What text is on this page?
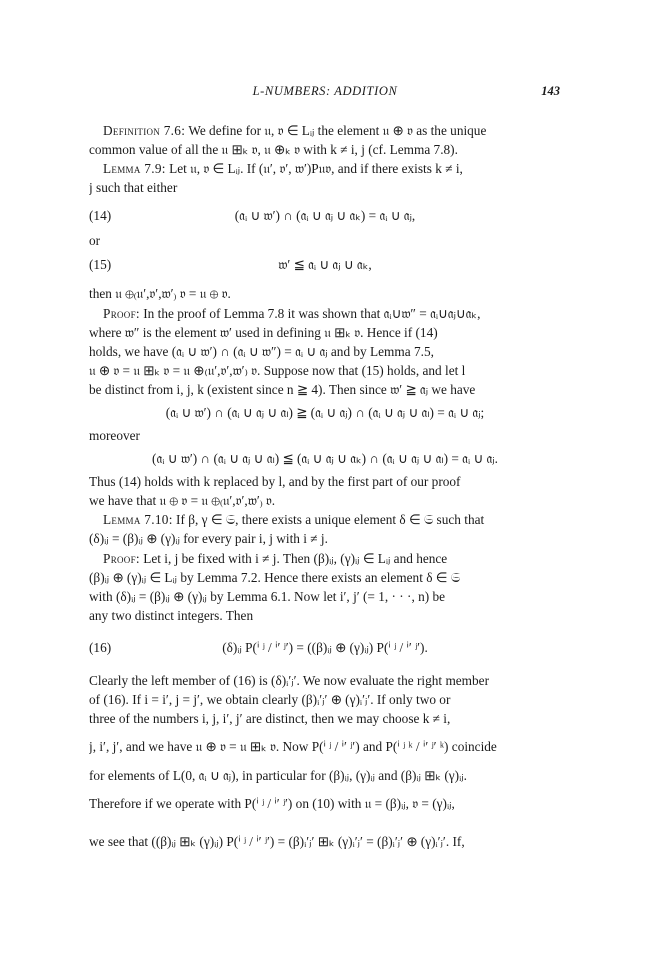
L-NUMBERS: ADDITION	143
Definition 7.6: We define for 𝔲, 𝔳 ∈ Lᵢⱼ the element 𝔲 ⊕ 𝔳 as the unique
common value of all the 𝔲 ⊞ₖ 𝔳, 𝔲 ⊕ₖ 𝔳 with k ≠ i, j (cf. Lemma 7.8).
Lemma 7.9: Let 𝔲, 𝔳 ∈ Lᵢⱼ. If (𝔲′, 𝔳′, 𝔴′)P𝔲𝔳, and if there exists k ≠ i,
j such that either
(14)	(𝔞ᵢ ∪ 𝔴′) ∩ (𝔞ᵢ ∪ 𝔞ⱼ ∪ 𝔞ₖ) = 𝔞ᵢ ∪ 𝔞ⱼ,
or
(15)	𝔴′ ≦ 𝔞ᵢ ∪ 𝔞ⱼ ∪ 𝔞ₖ,
then 𝔲 ⊕₍𝔲′,𝔳′,𝔴′₎ 𝔳 = 𝔲 ⊕ 𝔳.
Proof: In the proof of Lemma 7.8 it was shown that 𝔞ᵢ∪𝔴″ = 𝔞ᵢ∪𝔞ⱼ∪𝔞ₖ,
where 𝔴″ is the element 𝔴′ used in defining 𝔲 ⊞ₖ 𝔳. Hence if (14)
holds, we have (𝔞ᵢ ∪ 𝔴′) ∩ (𝔞ᵢ ∪ 𝔴″) = 𝔞ᵢ ∪ 𝔞ⱼ and by Lemma 7.5,
𝔲 ⊕ 𝔳 = 𝔲 ⊞ₖ 𝔳 = 𝔲 ⊕₍𝔲′,𝔳′,𝔴′₎ 𝔳. Suppose now that (15) holds, and let l
be distinct from i, j, k (existent since n ≧ 4). Then since 𝔴′ ≧ 𝔞ⱼ we have
(𝔞ᵢ ∪ 𝔴′) ∩ (𝔞ᵢ ∪ 𝔞ⱼ ∪ 𝔞ₗ) ≧ (𝔞ᵢ ∪ 𝔞ⱼ) ∩ (𝔞ᵢ ∪ 𝔞ⱼ ∪ 𝔞ₗ) = 𝔞ᵢ ∪ 𝔞ⱼ;
moreover
(𝔞ᵢ ∪ 𝔴′) ∩ (𝔞ᵢ ∪ 𝔞ⱼ ∪ 𝔞ₗ) ≦ (𝔞ᵢ ∪ 𝔞ⱼ ∪ 𝔞ₖ) ∩ (𝔞ᵢ ∪ 𝔞ⱼ ∪ 𝔞ₗ) = 𝔞ᵢ ∪ 𝔞ⱼ.
Thus (14) holds with k replaced by l, and by the first part of our proof
we have that 𝔲 ⊕ 𝔳 = 𝔲 ⊕₍𝔲′,𝔳′,𝔴′₎ 𝔳.
Lemma 7.10: If β, γ ∈ 𝔖, there exists a unique element δ ∈ 𝔖 such that
(δ)ᵢⱼ = (β)ᵢⱼ ⊕ (γ)ᵢⱼ for every pair i, j with i ≠ j.
Proof: Let i, j be fixed with i ≠ j. Then (β)ᵢⱼ, (γ)ᵢⱼ ∈ Lᵢⱼ and hence
(β)ᵢⱼ ⊕ (γ)ᵢⱼ ∈ Lᵢⱼ by Lemma 7.2. Hence there exists an element δ ∈ 𝔖
with (δ)ᵢⱼ = (β)ᵢⱼ ⊕ (γ)ᵢⱼ by Lemma 6.1. Now let i′, j′ (= 1, · · ·, n) be
any two distinct integers. Then
(16)	(δ)ᵢⱼ P(ⁱ ʲ / ⁱ′ ʲ′) = ((β)ᵢⱼ ⊕ (γ)ᵢⱼ) P(ⁱ ʲ / ⁱ′ ʲ′).
Clearly the left member of (16) is (δ)ᵢ′ⱼ′. We now evaluate the right member
of (16). If i = i′, j = j′, we obtain clearly (β)ᵢ′ⱼ′ ⊕ (γ)ᵢ′ⱼ′. If only two or
three of the numbers i, j, i′, j′ are distinct, then we may choose k ≠ i,
j, i′, j′, and we have 𝔲 ⊕ 𝔳 = 𝔲 ⊞ₖ 𝔳. Now P(ⁱ ʲ / ⁱ′ ʲ′) and P(ⁱ ʲ ᵏ / ⁱ′ ʲ′ ᵏ) coincide
for elements of L(0, 𝔞ᵢ ∪ 𝔞ⱼ), in particular for (β)ᵢⱼ, (γ)ᵢⱼ and (β)ᵢⱼ ⊞ₖ (γ)ᵢⱼ.
Therefore if we operate with P(ⁱ ʲ / ⁱ′ ʲ′) on (10) with 𝔲 = (β)ᵢⱼ, 𝔳 = (γ)ᵢⱼ,
we see that ((β)ᵢⱼ ⊞ₖ (γ)ᵢⱼ) P(ⁱ ʲ / ⁱ′ ʲ′) = (β)ᵢ′ⱼ′ ⊞ₖ (γ)ᵢ′ⱼ′ = (β)ᵢ′ⱼ′ ⊕ (γ)ᵢ′ⱼ′. If,
